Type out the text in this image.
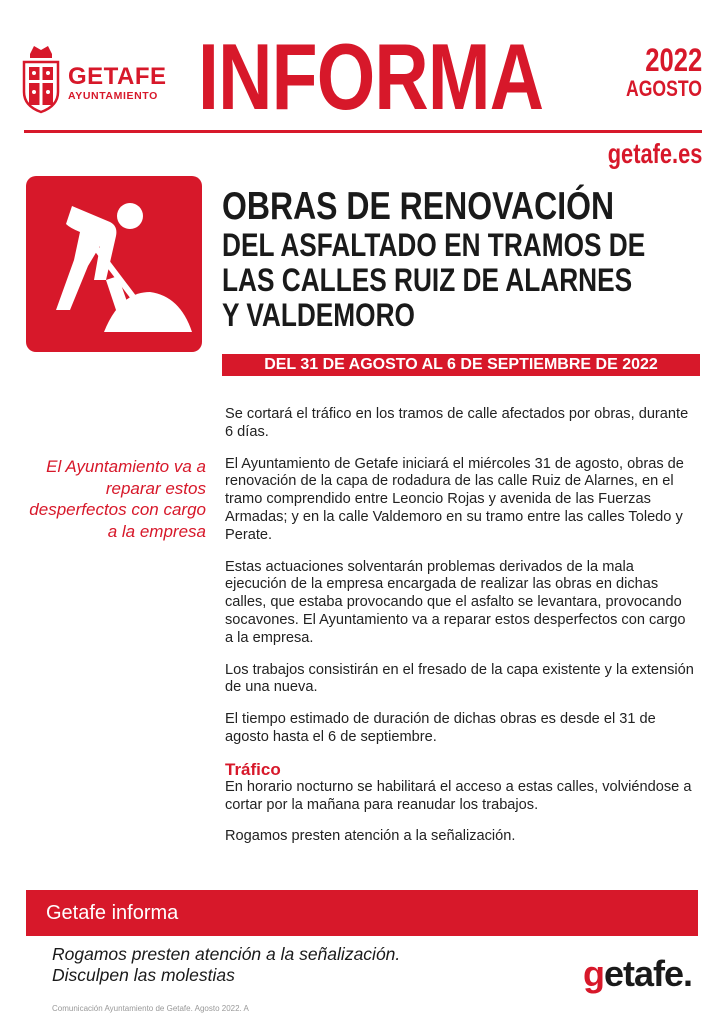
GETAFE
AYUNTAMIENTO INFORMA	2022
AGOSTO
getafe.es
OBRAS DE RENOVACIÓN
DEL ASFALTADO EN TRAMOS DE
LAS CALLES RUIZ DE ALARNES
Y VALDEMORO
DEL 31 DE AGOSTO AL 6 DE SEPTIEMBRE DE 2022
El Ayuntamiento va a reparar estos desperfectos con cargo a la empresa

Se cortará el tráfico en los tramos de calle afectados por obras, durante 6 días.

El Ayuntamiento de Getafe iniciará el miércoles 31 de agosto, obras de renovación de la capa de rodadura de las calle Ruiz de Alarnes, en el tramo comprendido entre Leoncio Rojas y avenida de las Fuerzas Armadas; y en la calle Valdemoro en su tramo entre las calles Toledo y Perate.

Estas actuaciones solventarán problemas derivados de la mala ejecución de la empresa encargada de realizar las obras en dichas calles, que estaba provocando que el asfalto se levantara, provocando socavones. El Ayuntamiento va a reparar estos desperfectos con cargo a la empresa.

Los trabajos consistirán en el fresado de la capa existente y la extensión de una nueva.

El tiempo estimado de duración de dichas obras es desde el 31 de agosto hasta el 6 de septiembre.

Tráfico

En horario nocturno se habilitará el acceso a estas calles, volviéndose a cortar por la mañana para reanudar los trabajos.

Rogamos presten atención a la señalización.

Getafe informa
Rogamos presten atención a la señalización.
Disculpen las molestias	getafe.
Comunicación Ayuntamiento de Getafe. Agosto 2022. A
